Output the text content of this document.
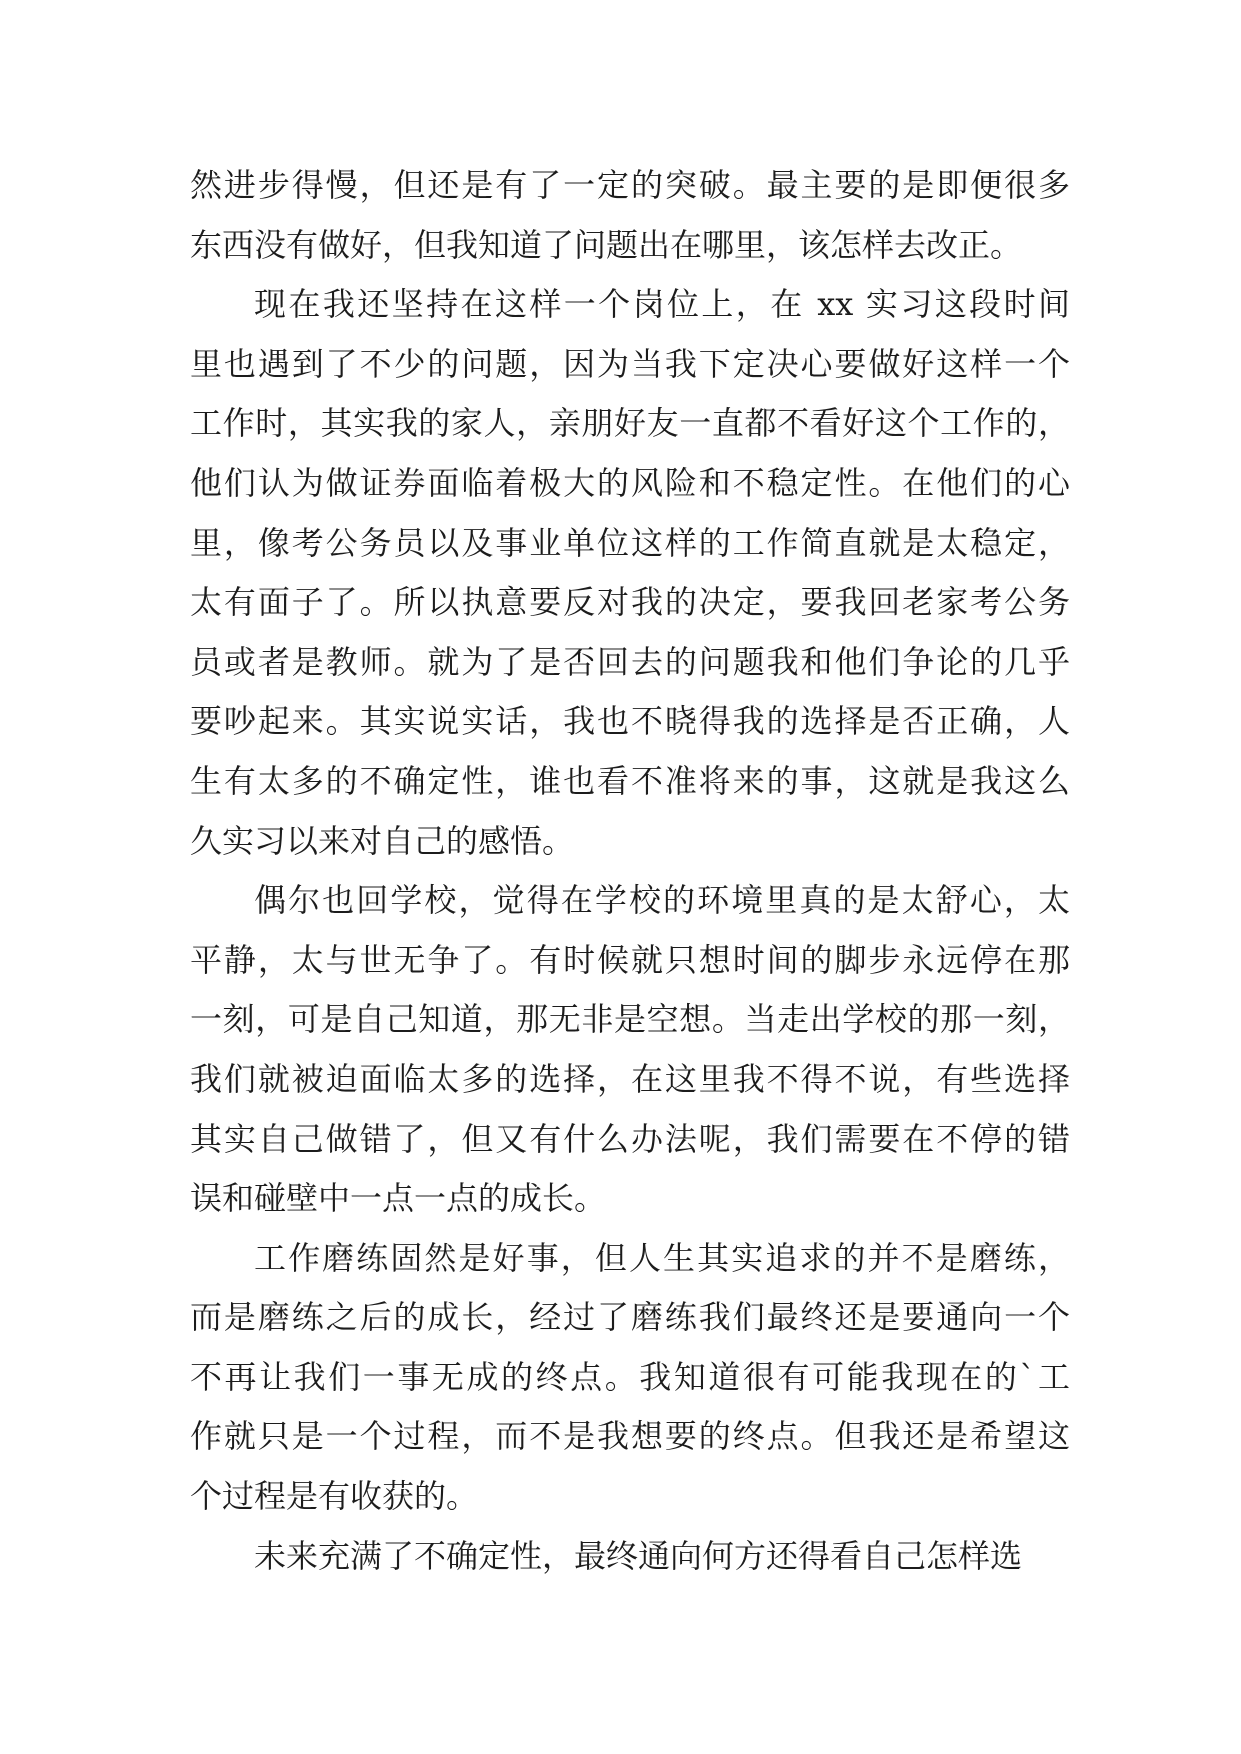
然进步得慢，但还是有了一定的突破。最主要的是即便很多
东西没有做好，但我知道了问题出在哪里，该怎样去改正。
现在我还坚持在这样一个岗位上，在 xx 实习这段时间
里也遇到了不少的问题，因为当我下定决心要做好这样一个
工作时，其实我的家人，亲朋好友一直都不看好这个工作的，
他们认为做证券面临着极大的风险和不稳定性。在他们的心
里，像考公务员以及事业单位这样的工作简直就是太稳定，
太有面子了。所以执意要反对我的决定，要我回老家考公务
员或者是教师。就为了是否回去的问题我和他们争论的几乎
要吵起来。其实说实话，我也不晓得我的选择是否正确，人
生有太多的不确定性，谁也看不准将来的事，这就是我这么
久实习以来对自己的感悟。
偶尔也回学校，觉得在学校的环境里真的是太舒心，太
平静，太与世无争了。有时候就只想时间的脚步永远停在那
一刻，可是自己知道，那无非是空想。当走出学校的那一刻，
我们就被迫面临太多的选择，在这里我不得不说，有些选择
其实自己做错了，但又有什么办法呢，我们需要在不停的错
误和碰壁中一点一点的成长。
工作磨练固然是好事，但人生其实追求的并不是磨练，
而是磨练之后的成长，经过了磨练我们最终还是要通向一个
不再让我们一事无成的终点。我知道很有可能我现在的`工
作就只是一个过程，而不是我想要的终点。但我还是希望这
个过程是有收获的。
未来充满了不确定性，最终通向何方还得看自己怎样选
